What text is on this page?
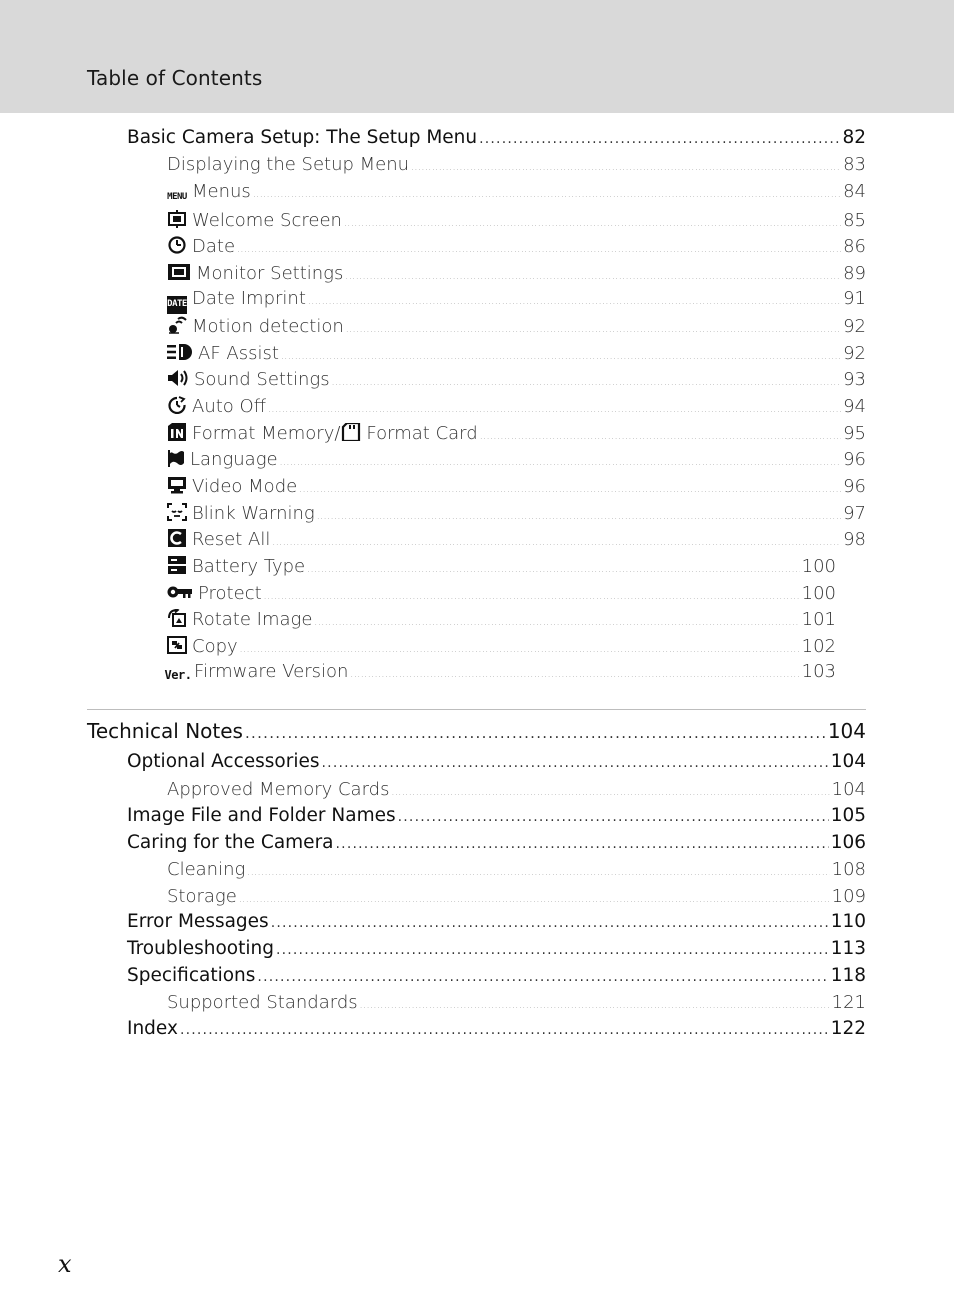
Table of Contents
Basic Camera Setup: The Setup Menu .....	82
Displaying the Setup Menu .....	83
MENU Menus .....	84
Welcome Screen .....	85
Date .....	86
Monitor Settings .....	89
DATE Date Imprint .....	91
Motion detection .....	92
AF Assist .....	92
Sound Settings .....	93
Auto Off .....	94
Format Memory/ Format Card .....	95
Language .....	96
Video Mode .....	96
Blink Warning .....	97
Reset All .....	98
Battery Type .....	100
Protect .....	100
Rotate Image .....	101
Copy .....	102
Ver. Firmware Version .....	103
Technical Notes .....	104
Optional Accessories .....	104
Approved Memory Cards .....	104
Image File and Folder Names .....	105
Caring for the Camera .....	106
Cleaning .....	108
Storage .....	109
Error Messages .....	110
Troubleshooting .....	113
Specifications .....	118
Supported Standards .....	121
Index .....	122
x
